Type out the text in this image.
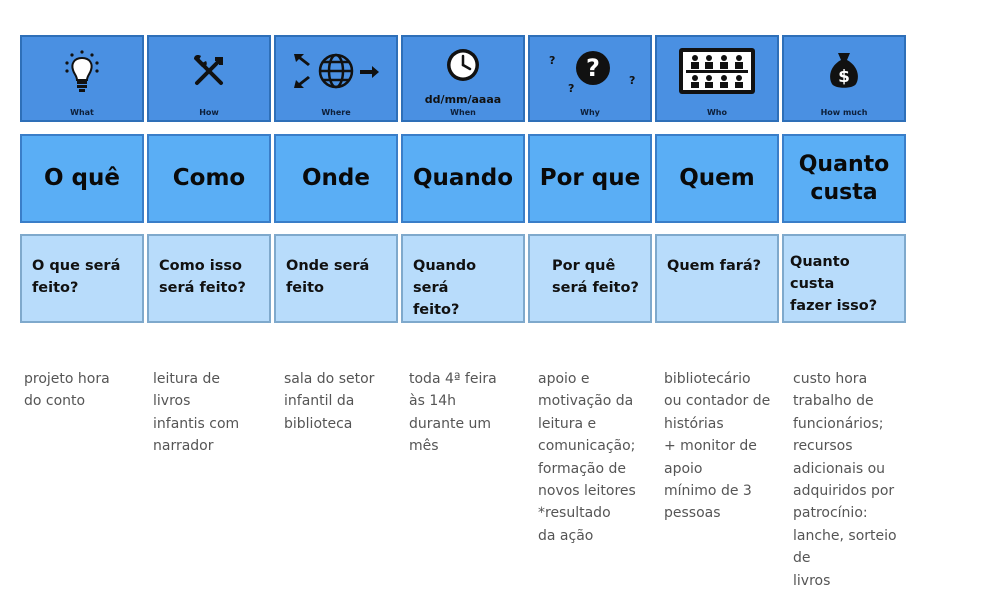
What
O quê
O que será
feito?
projeto hora
do conto
How
Como
Como isso
será feito?
leitura de
livros
infantis com
narrador
Where
Onde
Onde será
feito
sala do setor
infantil da
biblioteca
dd/mm/aaaa
When
Quando
Quando será
feito?
toda 4ª feira
às 14h
durante um
mês
?
?
?
?
Why
Por que
Por quê
será feito?
apoio e
motivação da
leitura e
comunicação;
formação de
novos leitores
*resultado
da ação
Who
Quem
Quem fará?
bibliotecário
ou contador de
histórias
+ monitor de
apoio
mínimo de 3
pessoas
$
How much
Quanto
custa
Quanto custa
fazer isso?
custo hora
trabalho de
funcionários;
recursos
adicionais ou
adquiridos por
patrocínio:
lanche, sorteio
de
livros
